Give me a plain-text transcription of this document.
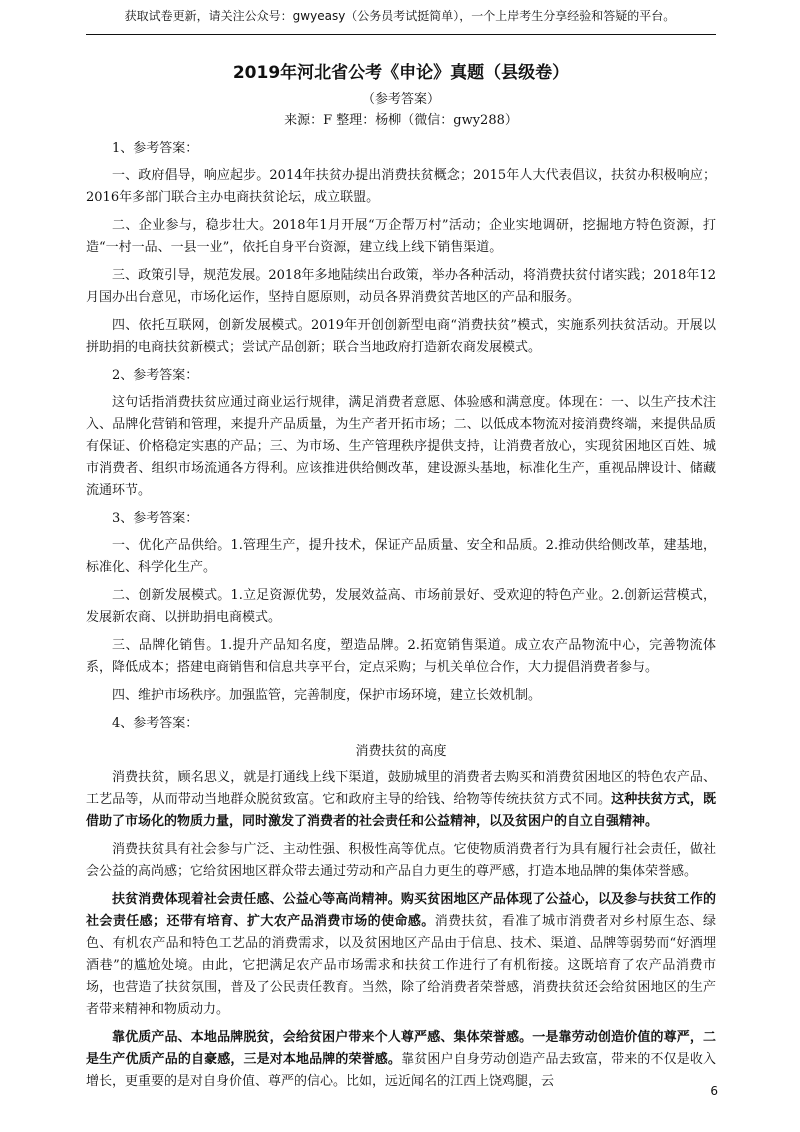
获取试卷更新，请关注公众号：gwyeasy（公务员考试挺简单），一个上岸考生分享经验和答疑的平台。
2019年河北省公考《申论》真题（县级卷）
（参考答案）
来源：F 整理：杨柳（微信：gwy288）
1、参考答案：

一、政府倡导，响应起步。2014年扶贫办提出消费扶贫概念；2015年人大代表倡议，扶贫办积极响应；2016年多部门联合主办电商扶贫论坛，成立联盟。

二、企业参与，稳步壮大。2018年1月开展“万企帮万村”活动；企业实地调研，挖掘地方特色资源，打造“一村一品、一县一业”，依托自身平台资源，建立线上线下销售渠道。

三、政策引导，规范发展。2018年多地陆续出台政策，举办各种活动，将消费扶贫付诸实践；2018年12月国办出台意见，市场化运作，坚持自愿原则，动员各界消费贫苦地区的产品和服务。

四、依托互联网，创新发展模式。2019年开创创新型电商“消费扶贫”模式，实施系列扶贫活动。开展以拼助捐的电商扶贫新模式；尝试产品创新；联合当地政府打造新农商发展模式。

2、参考答案：

这句话指消费扶贫应通过商业运行规律，满足消费者意愿、体验感和满意度。体现在：一、以生产技术注入、品牌化营销和管理，来提升产品质量，为生产者开拓市场；二、以低成本物流对接消费终端，来提供品质有保证、价格稳定实惠的产品；三、为市场、生产管理秩序提供支持，让消费者放心，实现贫困地区百姓、城市消费者、组织市场流通各方得利。应该推进供给侧改革，建设源头基地，标准化生产，重视品牌设计、储藏流通环节。

3、参考答案：

一、优化产品供给。1.管理生产，提升技术，保证产品质量、安全和品质。2.推动供给侧改革，建基地，标准化、科学化生产。

二、创新发展模式。1.立足资源优势，发展效益高、市场前景好、受欢迎的特色产业。2.创新运营模式，发展新农商、以拼助捐电商模式。

三、品牌化销售。1.提升产品知名度，塑造品牌。2.拓宽销售渠道。成立农产品物流中心，完善物流体系，降低成本；搭建电商销售和信息共享平台，定点采购；与机关单位合作，大力提倡消费者参与。

四、维护市场秩序。加强监管，完善制度，保护市场环境，建立长效机制。

4、参考答案：
消费扶贫的高度

消费扶贫，顾名思义，就是打通线上线下渠道，鼓励城里的消费者去购买和消费贫困地区的特色农产品、工艺品等，从而带动当地群众脱贫致富。它和政府主导的给钱、给物等传统扶贫方式不同。这种扶贫方式，既借助了市场化的物质力量，同时激发了消费者的社会责任和公益精神，以及贫困户的自立自强精神。

消费扶贫具有社会参与广泛、主动性强、积极性高等优点。它使物质消费者行为具有履行社会责任，做社会公益的高尚感；它给贫困地区群众带去通过劳动和产品自力更生的尊严感，打造本地品牌的集体荣誉感。

扶贫消费体现着社会责任感、公益心等高尚精神。购买贫困地区产品体现了公益心，以及参与扶贫工作的社会责任感；还带有培育、扩大农产品消费市场的使命感。消费扶贫，看准了城市消费者对乡村原生态、绿色、有机农产品和特色工艺品的消费需求，以及贫困地区产品由于信息、技术、渠道、品牌等弱势而“好酒埋酒巷”的尴尬处境。由此，它把满足农产品市场需求和扶贫工作进行了有机衔接。这既培育了农产品消费市场，也营造了扶贫氛围，普及了公民责任教育。当然，除了给消费者荣誉感，消费扶贫还会给贫困地区的生产者带来精神和物质动力。

靠优质产品、本地品牌脱贫，会给贫困户带来个人尊严感、集体荣誉感。一是靠劳动创造价值的尊严，二是生产优质产品的自豪感，三是对本地品牌的荣誉感。靠贫困户自身劳动创造产品去致富，带来的不仅是收入增长，更重要的是对自身价值、尊严的信心。比如，远近闻名的江西上饶鸡腿，云

6
